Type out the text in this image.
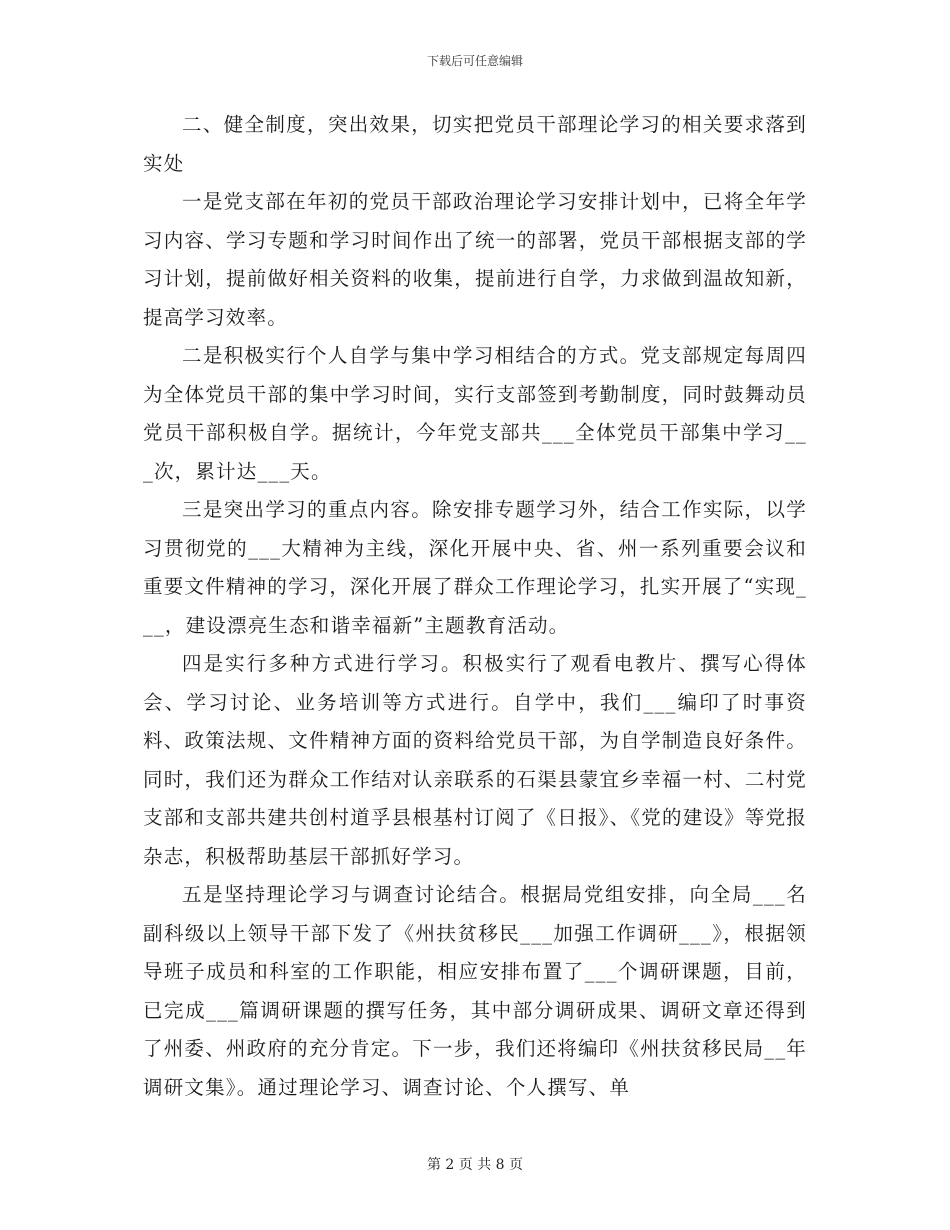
下载后可任意编辑

二、健全制度，突出效果，切实把党员干部理论学习的相关要求落到实处

一是党支部在年初的党员干部政治理论学习安排计划中，已将全年学习内容、学习专题和学习时间作出了统一的部署，党员干部根据支部的学习计划，提前做好相关资料的收集，提前进行自学，力求做到温故知新，提高学习效率。

二是积极实行个人自学与集中学习相结合的方式。党支部规定每周四为全体党员干部的集中学习时间，实行支部签到考勤制度，同时鼓舞动员党员干部积极自学。据统计，今年党支部共___全体党员干部集中学习___次，累计达___天。

三是突出学习的重点内容。除安排专题学习外，结合工作实际，以学习贯彻党的___大精神为主线，深化开展中央、省、州一系列重要会议和重要文件精神的学习，深化开展了群众工作理论学习，扎实开展了“实现___，建设漂亮生态和谐幸福新”主题教育活动。

四是实行多种方式进行学习。积极实行了观看电教片、撰写心得体会、学习讨论、业务培训等方式进行。自学中，我们___编印了时事资料、政策法规、文件精神方面的资料给党员干部，为自学制造良好条件。同时，我们还为群众工作结对认亲联系的石渠县蒙宜乡幸福一村、二村党支部和支部共建共创村道孚县根基村订阅了《日报》、《党的建设》等党报杂志，积极帮助基层干部抓好学习。

五是坚持理论学习与调查讨论结合。根据局党组安排，向全局___名副科级以上领导干部下发了《州扶贫移民___加强工作调研___》，根据领导班子成员和科室的工作职能，相应安排布置了___个调研课题，目前，已完成___篇调研课题的撰写任务，其中部分调研成果、调研文章还得到了州委、州政府的充分肯定。下一步，我们还将编印《州扶贫移民局__年调研文集》。通过理论学习、调查讨论、个人撰写、单

第 2 页 共 8 页
